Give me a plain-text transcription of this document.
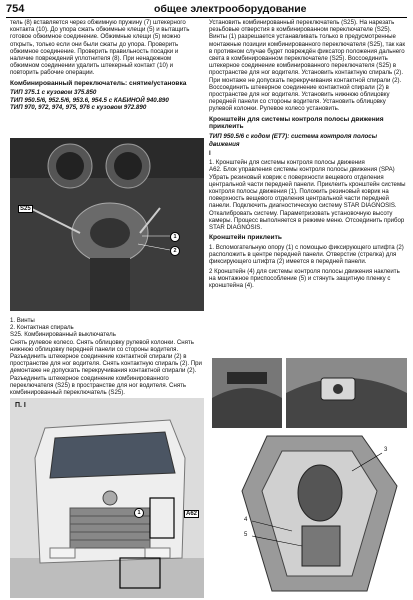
754	общее электрооборудование

тель (8) вставляется через обжимную пружину (7) штекерного контакта (10). До упора сжать обжимные клещи (5) и вытащить готовое обжимное соединение. Обжимные клещи (5) можно открыть, только если они были сжаты до упора. Проверить обжимное соединение. Проверить правильность посадки и наличие повреждений уплотнителя (8). При ненадежном обжимном соединении удалить штекерный контакт (10) и повторить рабочие операции.

Комбинированный переключатель: снятие/установка
ТИП 375.1 с кузовом 375.850
ТИП 950.5/6, 952.5/6, 953.6, 954.5 с КАБИНОЙ 940.890
ТИП 970, 972, 974, 975, 976 с кузовом 972.890
S25
1
2
1. Винты
2. Контактная спираль
S25. Комбинированный выключатель
Снять рулевое колесо. Снять облицовку рулевой колонки. Снять нижнюю облицовку передней панели со стороны водителя. Разъединить штекерное соединение контактной спирали (2) в пространстве для ног водителя. Снять контактную спираль (2). При демонтаже не допускать перекручивания контактной спирали (2). Разъединить штекерное соединение комбинированного переключателя (S25) в пространстве для ног водителя. Снять комбинированный переключатель (S25).
П. I
A62
1

Установить комбинированный переключатель (S25). На нарезать резьбовые отверстия в комбинированном переключателе (S25). Винты (1) разрешается устанавливать только в предусмотренные монтажные позиции комбинированного переключателя (S25), так как в противном случае будет повреждён фиксатор положения дальнего света в комбинированном переключателе (S25). Воссоединить штекерное соединение комбинированного переключателя (S25) в пространстве для ног водителя. Установить контактную спираль (2). При монтаже не допускать перекручивания контактной спирали (2). Воссоединить штекерное соединение контактной спирали (2) в пространстве для ног водителя. Установить нижнюю облицовку передней панели со стороны водителя. Установить облицовку рулевой колонки. Рулевое колесо установить.

Кронштейн для системы контроля полосы движения приклеить
ТИП 950.5/6 с кодом (ET7): система контроля полосы движения
I
1. Кронштейн для системы контроля полосы движения
A62. Блок управления системы контроля полосы движения (SPA)

Убрать резиновый коврик с поверхности вещевого отделения центральной части передней панели. Приклеить кронштейн системы контроля полосы движения (1). Положить резиновый коврик на поверхность вещевого отделения центральной части передней панели. Подключить диагностическую систему STAR DIAGNOSIS. Откалибровать систему. Параметризовать установочную высоту камеры. Процесс выполняется в режиме меню. Отсоединить прибор STAR DIAGNOSIS.

Кронштейн приклеить

1. Вспомогательную опору (1) с помощью фиксирующего штифта (2) расположить в центре передней панели. Отверстие (стрелка) для фиксирующего штифта (2) имеется в передней панели.

2 Кронштейн (4) для системы контроля полосы движения наклеить на монтажное приспособление (5) и стянуть защитную пленку с кронштейна (4).

3
4
5
